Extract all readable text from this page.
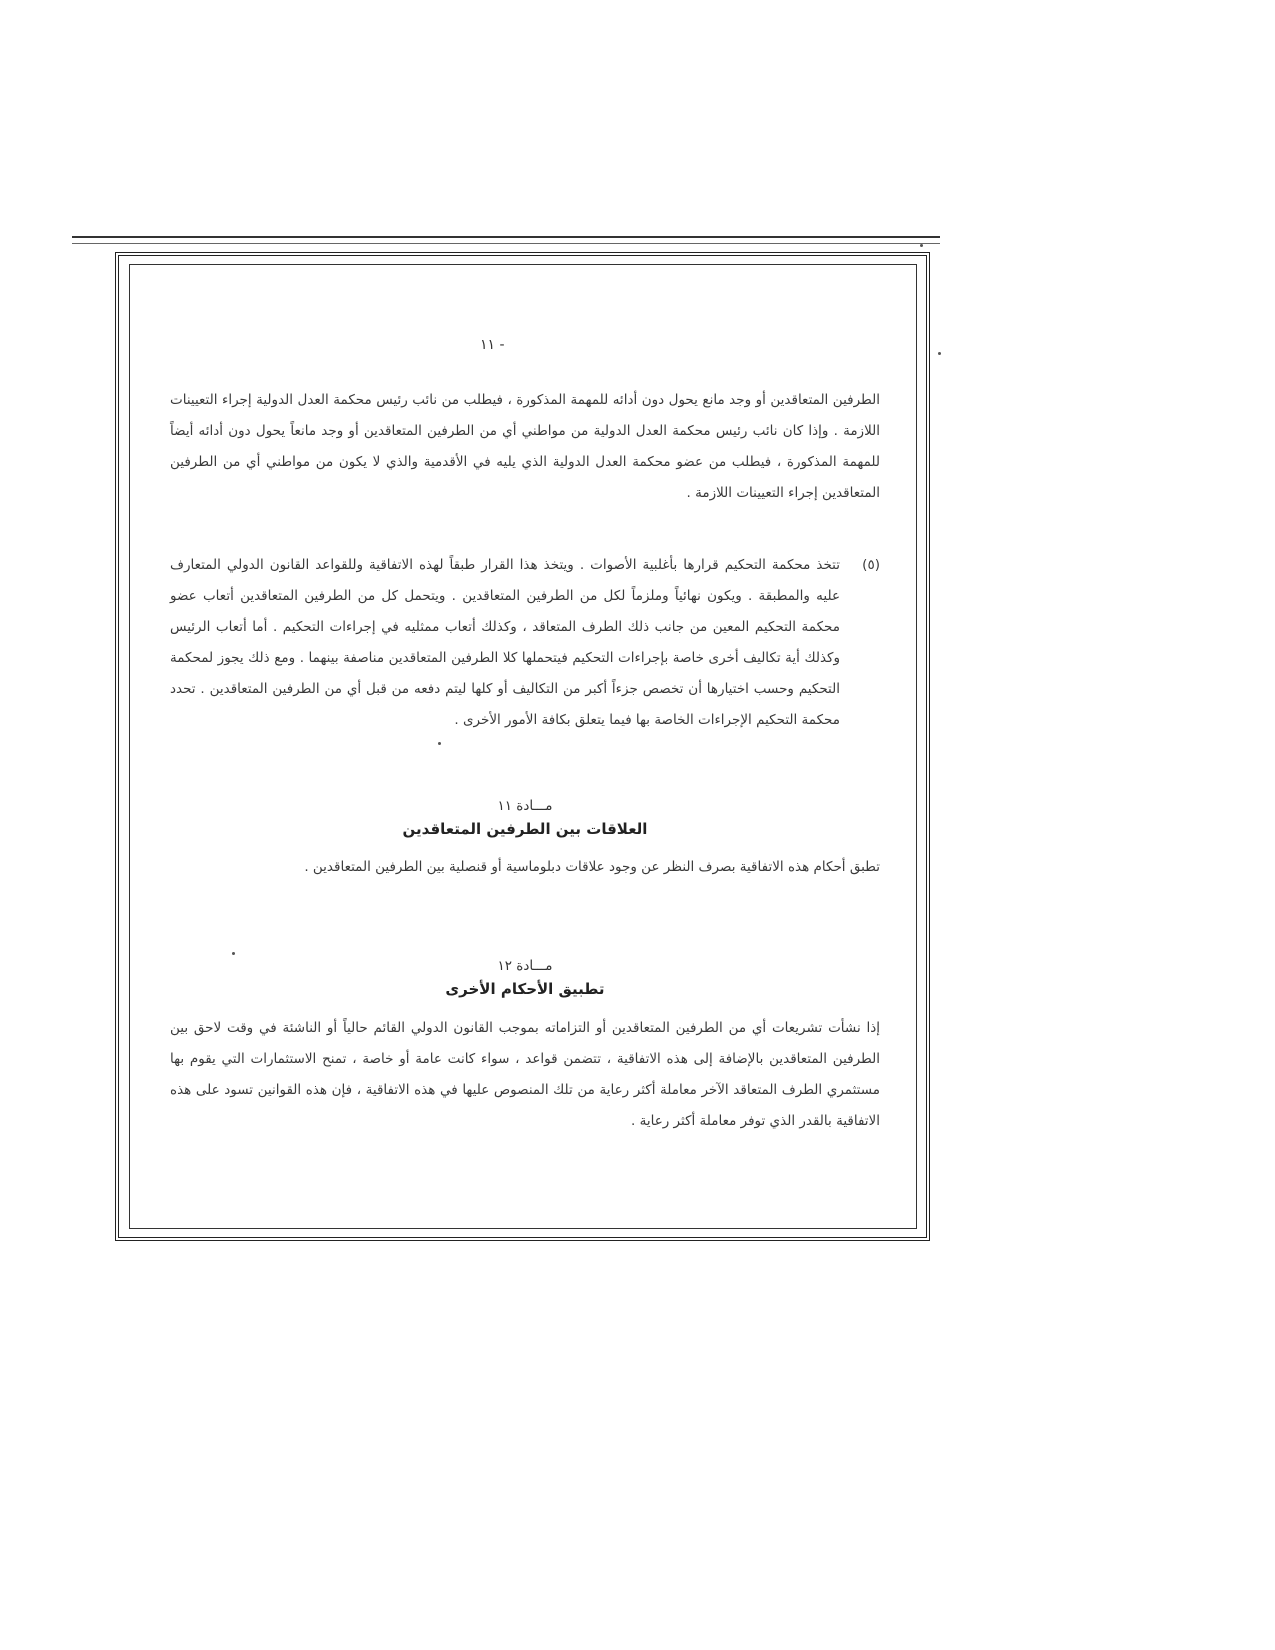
١١ -

الطرفين المتعاقدين أو وجد مانع يحول دون أدائه للمهمة المذكورة ، فيطلب من نائب رئيس محكمة العدل الدولية إجراء التعيينات اللازمة . وإذا كان نائب رئيس محكمة العدل الدولية من مواطني أي من الطرفين المتعاقدين أو وجد مانعاً يحول دون أدائه أيضاً للمهمة المذكورة ، فيطلب من عضو محكمة العدل الدولية الذي يليه في الأقدمية والذي لا يكون من مواطني أي من الطرفين المتعاقدين إجراء التعيينات اللازمة .

(٥)
تتخذ محكمة التحكيم قرارها بأغلبية الأصوات . ويتخذ هذا القرار طبقاً لهذه الاتفاقية وللقواعد القانون الدولي المتعارف عليه والمطبقة . ويكون نهائياً وملزماً لكل من الطرفين المتعاقدين . ويتحمل كل من الطرفين المتعاقدين أتعاب عضو محكمة التحكيم المعين من جانب ذلك الطرف المتعاقد ، وكذلك أتعاب ممثليه في إجراءات التحكيم . أما أتعاب الرئيس وكذلك أية تكاليف أخرى خاصة بإجراءات التحكيم فيتحملها كلا الطرفين المتعاقدين مناصفة بينهما . ومع ذلك يجوز لمحكمة التحكيم وحسب اختيارها أن تخصص جزءاً أكبر من التكاليف أو كلها ليتم دفعه من قبل أي من الطرفين المتعاقدين . تحدد محكمة التحكيم الإجراءات الخاصة بها فيما يتعلق بكافة الأمور الأخرى .
مـــادة ١١
العلاقات بين الطرفين المتعاقدين

تطبق أحكام هذه الاتفاقية بصرف النظر عن وجود علاقات دبلوماسية أو قنصلية بين الطرفين المتعاقدين .

مـــادة ١٢
تطبيق الأحكام الأخرى

إذا نشأت تشريعات أي من الطرفين المتعاقدين أو التزاماته بموجب القانون الدولي القائم حالياً أو الناشئة في وقت لاحق بين الطرفين المتعاقدين بالإضافة إلى هذه الاتفاقية ، تتضمن قواعد ، سواء كانت عامة أو خاصة ، تمنح الاستثمارات التي يقوم بها مستثمري الطرف المتعاقد الآخر معاملة أكثر رعاية من تلك المنصوص عليها في هذه الاتفاقية ، فإن هذه القوانين تسود على هذه الاتفاقية بالقدر الذي توفر معاملة أكثر رعاية .
